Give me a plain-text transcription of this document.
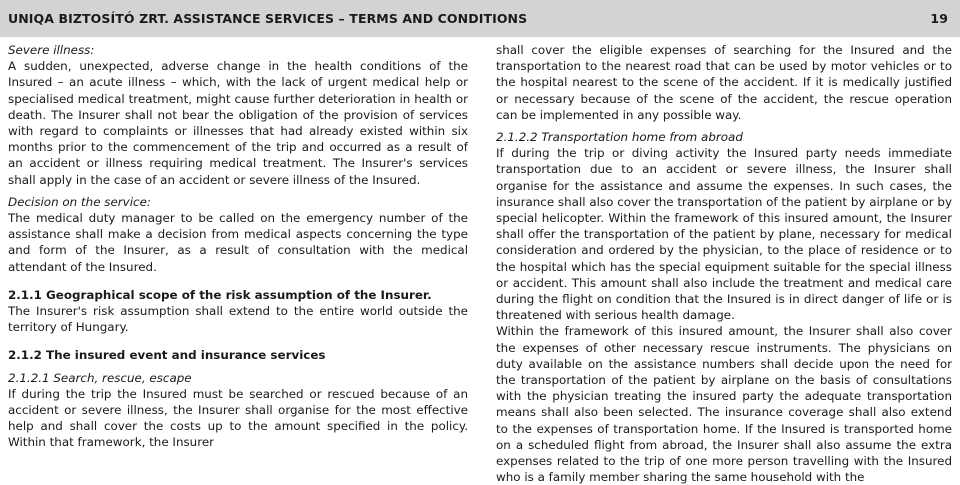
UNIQA BIZTOSÍTÓ ZRT. ASSISTANCE SERVICES – TERMS AND CONDITIONS	19

Severe illness:

A sudden, unexpected, adverse change in the health conditions of the Insured – an acute illness – which, with the lack of urgent medical help or specialised medical treatment, might cause further deterioration in health or death. The Insurer shall not bear the obligation of the provision of services with regard to complaints or illnesses that had already existed within six months prior to the commencement of the trip and occurred as a result of an accident or illness requiring medical treatment. The Insurer's services shall apply in the case of an accident or severe illness of the Insured.

Decision on the service:

The medical duty manager to be called on the emergency number of the assistance shall make a decision from medical aspects concerning the type and form of the Insurer, as a result of consultation with the medical attendant of the Insured.

2.1.1 Geographical scope of the risk assumption of the Insurer.

The Insurer's risk assumption shall extend to the entire world outside the territory of Hungary.

2.1.2 The insured event and insurance services

2.1.2.1 Search, rescue, escape

If during the trip the Insured must be searched or rescued because of an accident or severe illness, the Insurer shall organise for the most effective help and shall cover the costs up to the amount specified in the policy. Within that framework, the Insurer

shall cover the eligible expenses of searching for the Insured and the transportation to the nearest road that can be used by motor vehicles or to the hospital nearest to the scene of the accident. If it is medically justified or necessary because of the scene of the accident, the rescue operation can be implemented in any possible way.

2.1.2.2 Transportation home from abroad

If during the trip or diving activity the Insured party needs immediate transportation due to an accident or severe illness, the Insurer shall organise for the assistance and assume the expenses. In such cases, the insurance shall also cover the transportation of the patient by airplane or by special helicopter. Within the framework of this insured amount, the Insurer shall offer the transportation of the patient by plane, necessary for medical consideration and ordered by the physician, to the place of residence or to the hospital which has the special equipment suitable for the special illness or accident. This amount shall also include the treatment and medical care during the flight on condition that the Insured is in direct danger of life or is threatened with serious health damage.

Within the framework of this insured amount, the Insurer shall also cover the expenses of other necessary rescue instruments. The physicians on duty available on the assistance numbers shall decide upon the need for the transportation of the patient by airplane on the basis of consultations with the physician treating the insured party the adequate transportation means shall also been selected. The insurance coverage shall also extend to the expenses of transportation home. If the Insured is transported home on a scheduled flight from abroad, the Insurer shall also assume the extra expenses related to the trip of one more person travelling with the Insured who is a family member sharing the same household with the
